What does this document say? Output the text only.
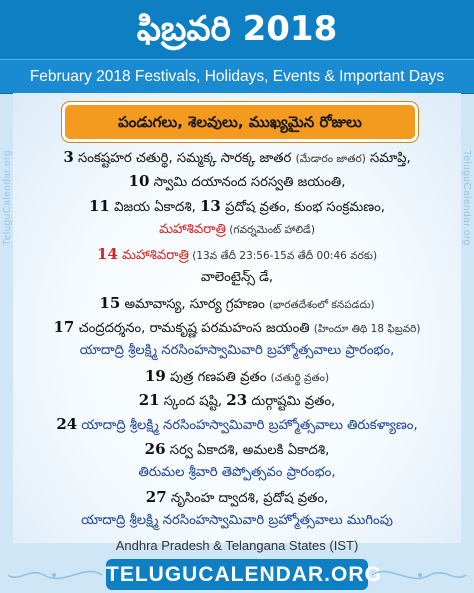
ఫిబ్రవరి 2018
February 2018 Festivals, Holidays, Events & Important Days
TeluguCalendar.org	TeluguCalendar.org
పండుగలు, శెలవులు, ముఖ్యమైన రోజులు
3 సంకష్టహర చతుర్థి, సమ్మక్క సారక్క జాతర (మేడారం జాతర) సమాప్తి,
10 స్వామి దయానంద సరస్వతి జయంతి,
11 విజయ ఏకాదశి, 13 ప్రదోష వ్రతం, కుంభ సంక్రమణం,
మహాశివరాత్రి (గవర్నమెంట్ హాలిడే)
14 మహాశివరాత్రి (13వ తేదీ 23:56-15వ తేదీ 00:46 వరకు)
వాలెంటైన్స్ డే,
15 అమావాస్య, సూర్య గ్రహణం (భారతదేశంలో కనపడదు)
17 చంద్రదర్శనం, రామకృష్ణ పరమహంస జయంతి (హిందూ తిథి 18 ఫిబ్రవరి)
యాదాద్రి శ్రీలక్ష్మి నరసింహస్వామివారి బ్రహ్మోత్సవాలు ప్రారంభం,
19 పుత్ర గణపతి వ్రతం (చతుర్థి వ్రతం)
21 స్కంద షష్టి, 23 దుర్గాష్టమి వ్రతం,
24 యాదాద్రి శ్రీలక్ష్మి నరసింహస్వామివారి బ్రహ్మోత్సవాలు తిరుకళ్యాణం,
26 సర్వ ఏకాదశి, అమలకి ఏకాదశి,
తిరుమల శ్రీవారి తెప్పోత్సవం ప్రారంభం,
27 నృసింహ ద్వాదశి, ప్రదోష వ్రతం,
యాదాద్రి శ్రీలక్ష్మి నరసింహస్వామివారి బ్రహ్మోత్సవాలు ముగింపు
Andhra Pradesh & Telangana States (IST)
TELUGUCALENDAR.ORG
